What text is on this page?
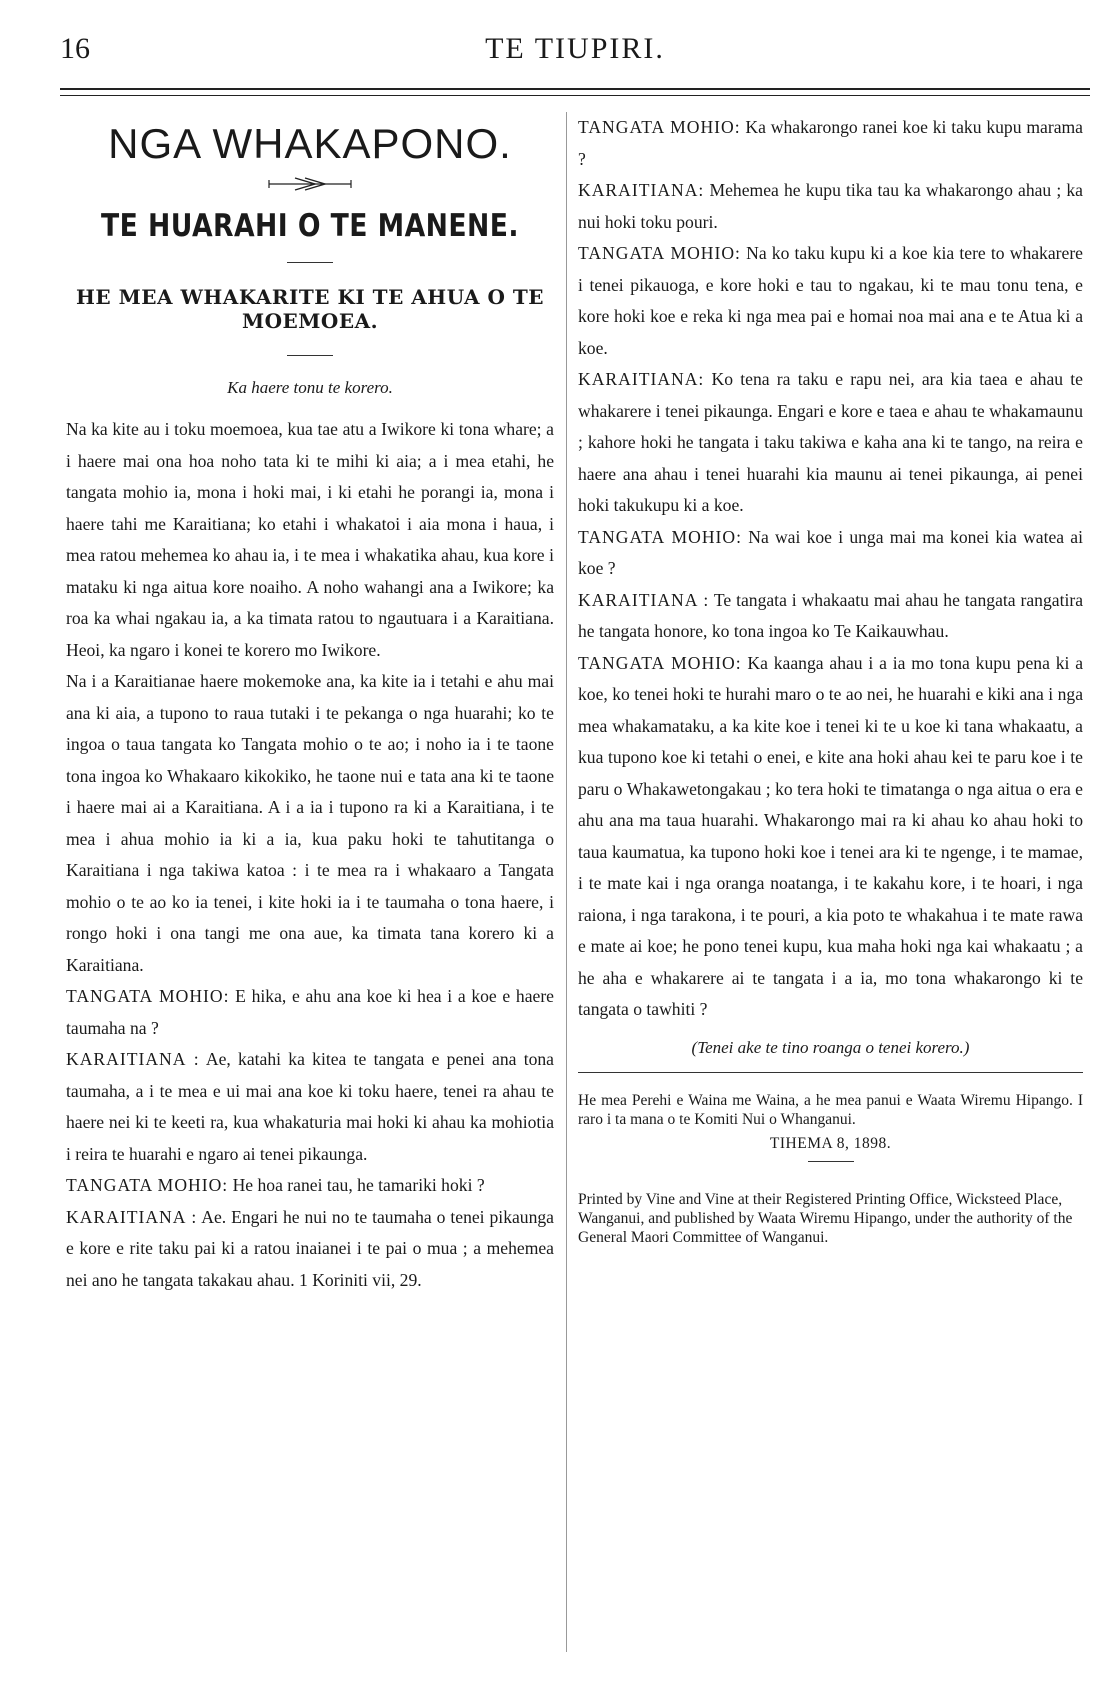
16	TE TIUPIRI.
NGA WHAKAPONO.
TE HUARAHI O TE MANENE.
HE MEA WHAKARITE KI TE AHUA O TE MOEMOEA.
Ka haere tonu te korero.

Na ka kite au i toku moemoea, kua tae atu a Iwikore ki tona whare; a i haere mai ona hoa noho tata ki te mihi ki aia; a i mea etahi, he tangata mohio ia, mona i hoki mai, i ki etahi he porangi ia, mona i haere tahi me Karaitiana; ko etahi i whakatoi i aia mona i haua, i mea ratou mehemea ko ahau ia, i te mea i whakatika ahau, kua kore i mataku ki nga aitua kore noaiho. A noho wahangi ana a Iwikore; ka roa ka whai ngakau ia, a ka timata ratou to ngautuara i a Karaitiana. Heoi, ka ngaro i konei te korero mo Iwikore.

Na i a Karaitianae haere mokemoke ana, ka kite ia i tetahi e ahu mai ana ki aia, a tupono to raua tutaki i te pekanga o nga huarahi; ko te ingoa o taua tangata ko Tangata mohio o te ao; i noho ia i te taone tona ingoa ko Whakaaro kikokiko, he taone nui e tata ana ki te taone i haere mai ai a Karaitiana. A i a ia i tupono ra ki a Karaitiana, i te mea i ahua mohio ia ki a ia, kua paku hoki te tahutitanga o Karaitiana i nga takiwa katoa : i te mea ra i whakaaro a Tangata mohio o te ao ko ia tenei, i kite hoki ia i te taumaha o tona haere, i rongo hoki i ona tangi me ona aue, ka timata tana korero ki a Karaitiana.

TANGATA MOHIO: E hika, e ahu ana koe ki hea i a koe e haere taumaha na ?

KARAITIANA : Ae, katahi ka kitea te tangata e penei ana tona taumaha, a i te mea e ui mai ana koe ki toku haere, tenei ra ahau te haere nei ki te keeti ra, kua whakaturia mai hoki ki ahau ka mohiotia i reira te huarahi e ngaro ai tenei pikaunga.

TANGATA MOHIO: He hoa ranei tau, he tamariki hoki ?

KARAITIANA : Ae. Engari he nui no te taumaha o tenei pikaunga e kore e rite taku pai ki a ratou inaianei i te pai o mua ; a mehemea nei ano he tangata takakau ahau. 1 Koriniti vii, 29.

TANGATA MOHIO: Ka whakarongo ranei koe ki taku kupu marama ?

KARAITIANA: Mehemea he kupu tika tau ka whakarongo ahau ; ka nui hoki toku pouri.

TANGATA MOHIO: Na ko taku kupu ki a koe kia tere to whakarere i tenei pikauoga, e kore hoki e tau to ngakau, ki te mau tonu tena, e kore hoki koe e reka ki nga mea pai e homai noa mai ana e te Atua ki a koe.

KARAITIANA: Ko tena ra taku e rapu nei, ara kia taea e ahau te whakarere i tenei pikaunga. Engari e kore e taea e ahau te whakamaunu ; kahore hoki he tangata i taku takiwa e kaha ana ki te tango, na reira e haere ana ahau i tenei huarahi kia maunu ai tenei pikaunga, ai penei hoki takukupu ki a koe.

TANGATA MOHIO: Na wai koe i unga mai ma konei kia watea ai koe ?

KARAITIANA : Te tangata i whakaatu mai ahau he tangata rangatira he tangata honore, ko tona ingoa ko Te Kaikauwhau.

TANGATA MOHIO: Ka kaanga ahau i a ia mo tona kupu pena ki a koe, ko tenei hoki te hurahi maro o te ao nei, he huarahi e kiki ana i nga mea whakamataku, a ka kite koe i tenei ki te u koe ki tana whakaatu, a kua tupono koe ki tetahi o enei, e kite ana hoki ahau kei te paru koe i te paru o Whakawetongakau ; ko tera hoki te timatanga o nga aitua o era e ahu ana ma taua huarahi. Whakarongo mai ra ki ahau ko ahau hoki to taua kaumatua, ka tupono hoki koe i tenei ara ki te ngenge, i te mamae, i te mate kai i nga oranga noatanga, i te kakahu kore, i te hoari, i nga raiona, i nga tarakona, i te pouri, a kia poto te whakahua i te mate rawa e mate ai koe; he pono tenei kupu, kua maha hoki nga kai whakaatu ; a he aha e whakarere ai te tangata i a ia, mo tona whakarongo ki te tangata o tawhiti ?

(Tenei ake te tino roanga o tenei korero.)

He mea Perehi e Waina me Waina, a he mea panui e Waata Wiremu Hipango. I raro i ta mana o te Komiti Nui o Whanganui.

TIHEMA 8, 1898.

Printed by Vine and Vine at their Registered Printing Office, Wicksteed Place, Wanganui, and published by Waata Wiremu Hipango, under the authority of the General Maori Committee of Wanganui.
